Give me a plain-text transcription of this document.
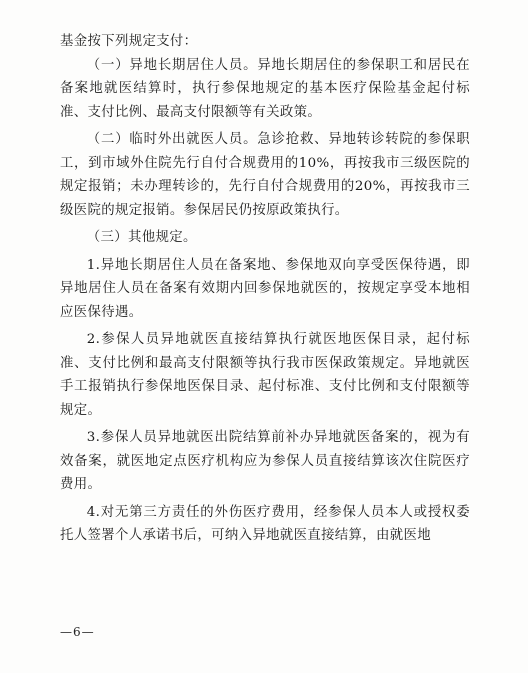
基金按下列规定支付：

（一）异地长期居住人员。异地长期居住的参保职工和居民在备案地就医结算时，执行参保地规定的基本医疗保险基金起付标准、支付比例、最高支付限额等有关政策。

（二）临时外出就医人员。急诊抢救、异地转诊转院的参保职工，到市域外住院先行自付合规费用的10%，再按我市三级医院的规定报销；未办理转诊的，先行自付合规费用的20%，再按我市三级医院的规定报销。参保居民仍按原政策执行。

（三）其他规定。

1.异地长期居住人员在备案地、参保地双向享受医保待遇，即异地居住人员在备案有效期内回参保地就医的，按规定享受本地相应医保待遇。

2.参保人员异地就医直接结算执行就医地医保目录，起付标准、支付比例和最高支付限额等执行我市医保政策规定。异地就医手工报销执行参保地医保目录、起付标准、支付比例和支付限额等规定。

3.参保人员异地就医出院结算前补办异地就医备案的，视为有效备案，就医地定点医疗机构应为参保人员直接结算该次住院医疗费用。

4.对无第三方责任的外伤医疗费用，经参保人员本人或授权委托人签署个人承诺书后，可纳入异地就医直接结算，由就医地

—6—
